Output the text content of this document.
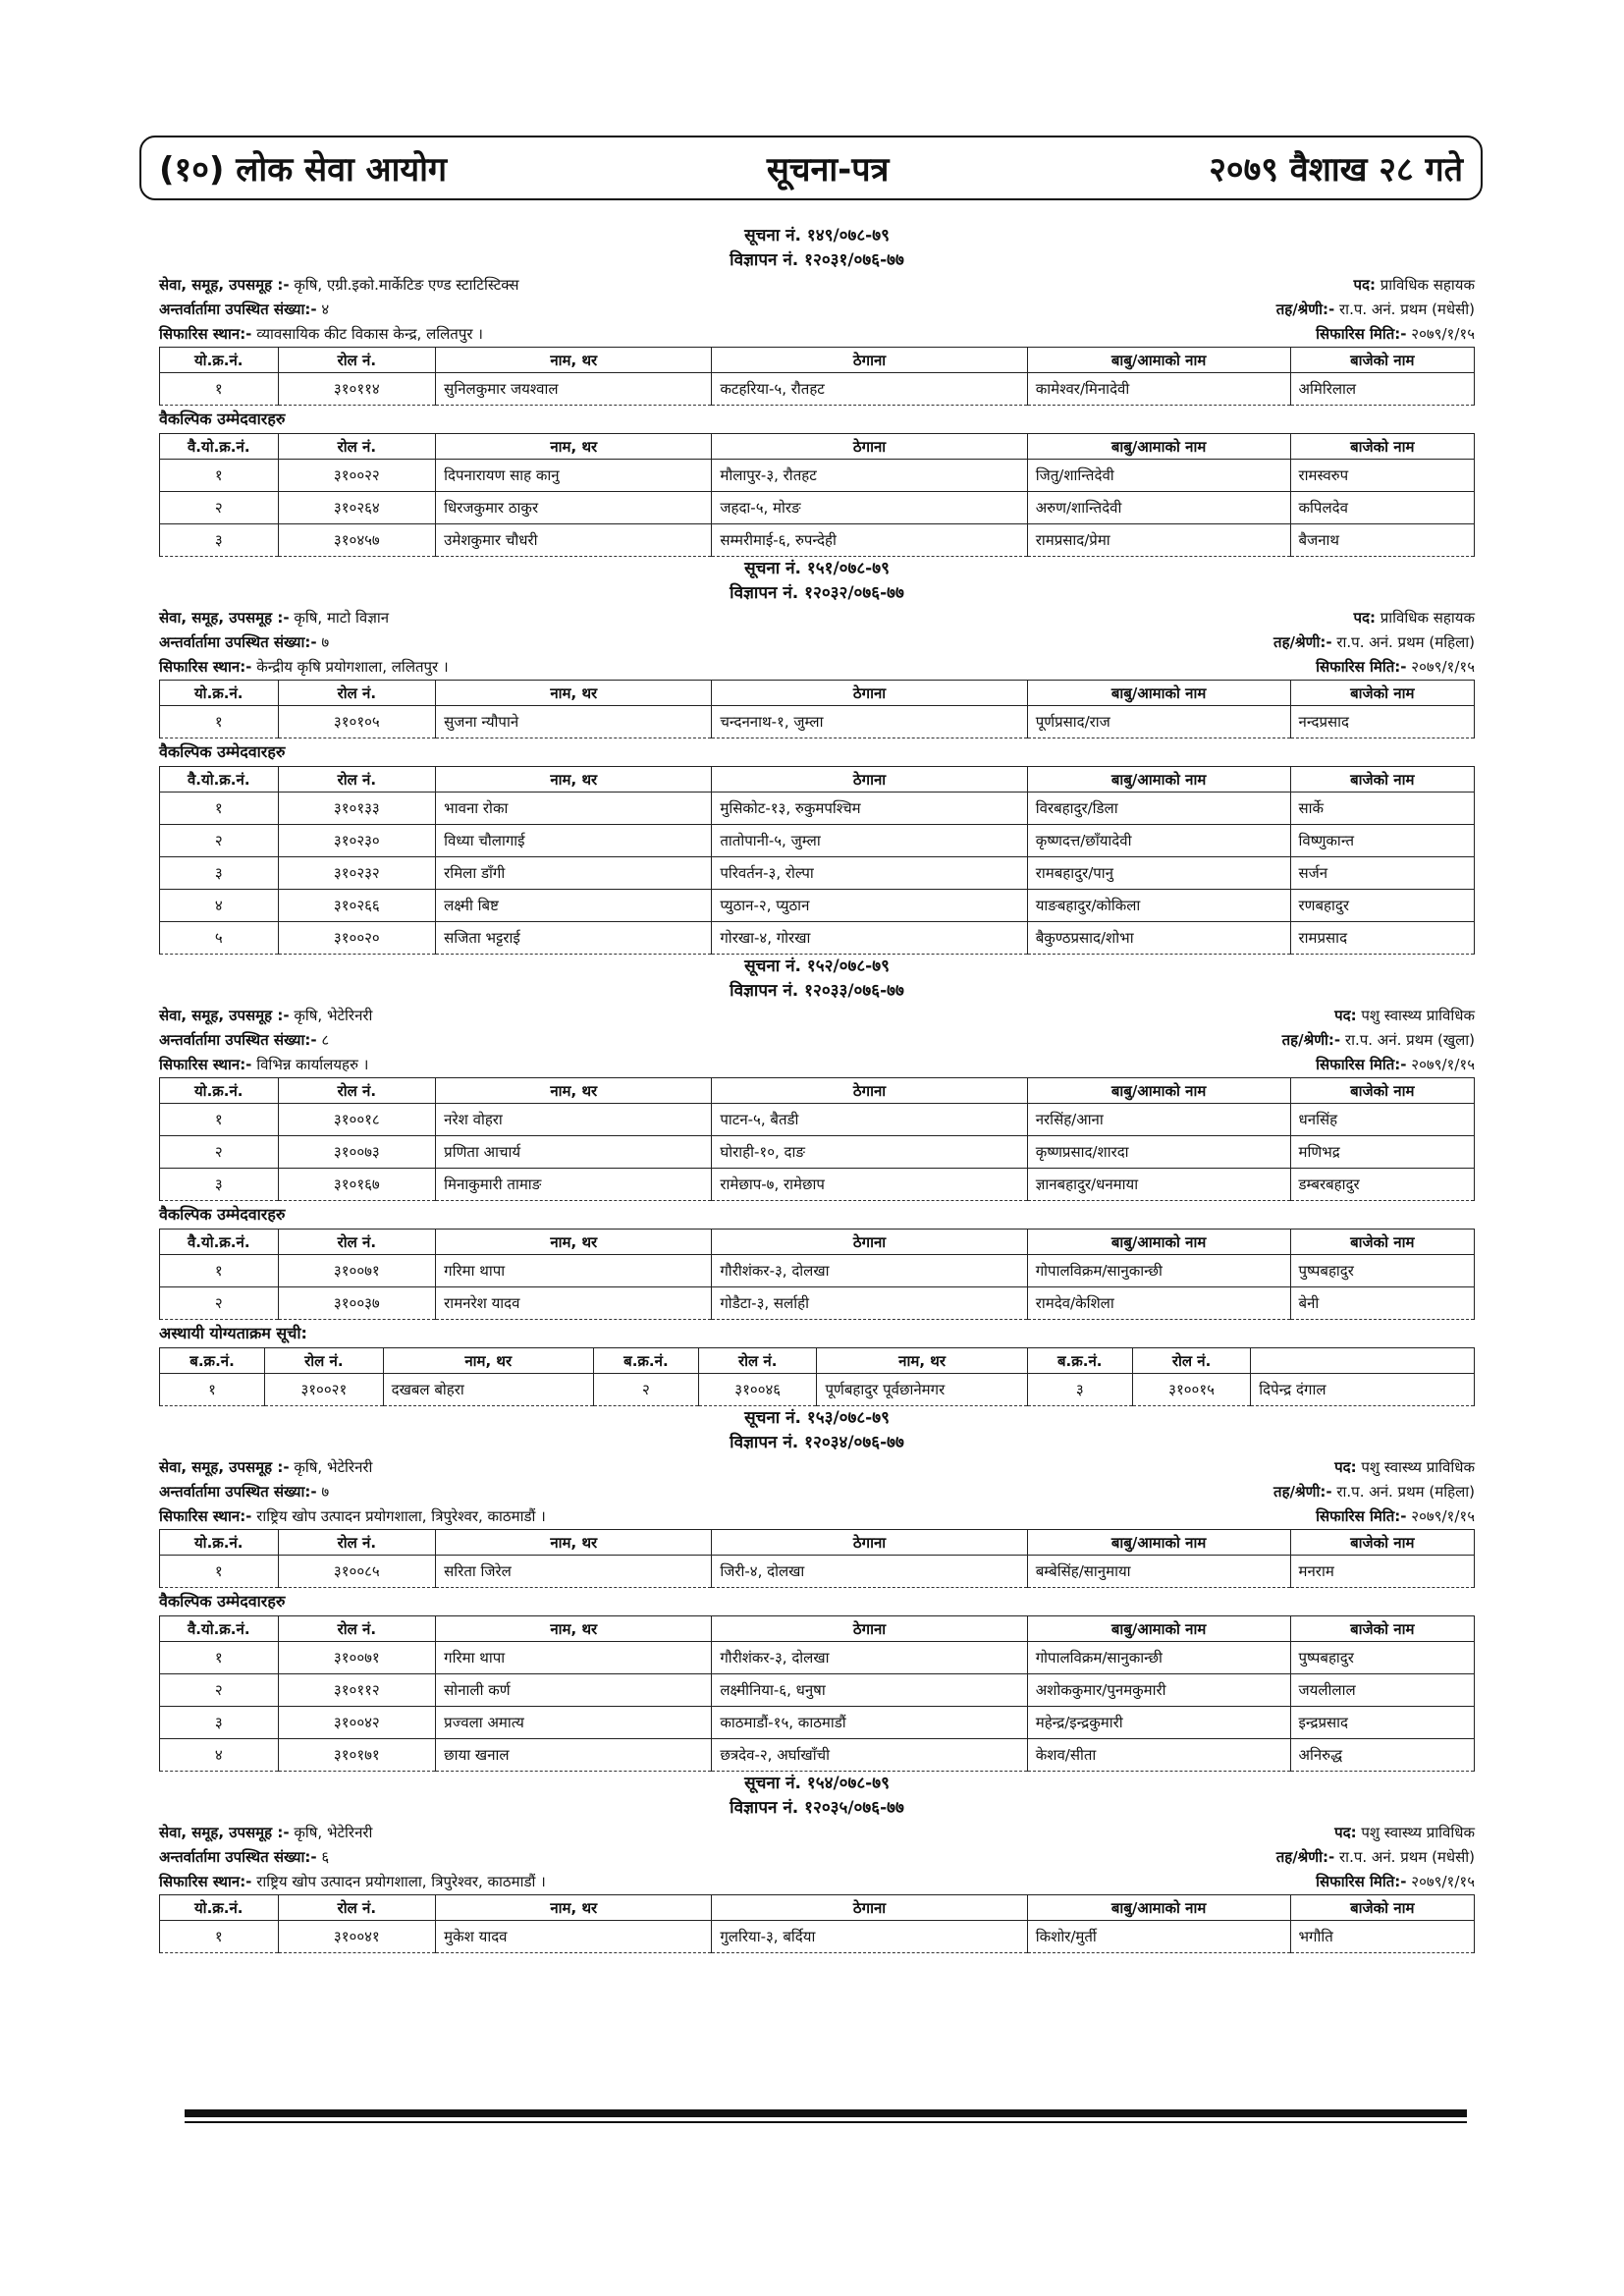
(१०) लोक सेवा आयोग	सूचना-पत्र	२०७९ वैशाख २८ गते
सूचना नं. १४९/०७८-७९
विज्ञापन नं. १२०३१/०७६-७७
सेवा, समूह, उपसमूह :- कृषि, एग्री.इको.मार्केटिङ एण्ड स्टाटिस्टिक्स	पद: प्राविधिक सहायक
अन्तर्वार्तामा उपस्थित संख्या:- ४	तह/श्रेणी:- रा.प. अनं. प्रथम (मधेसी)
सिफारिस स्थान:- व्यावसायिक कीट विकास केन्द्र, ललितपुर ।	सिफारिस मिति:- २०७९/१/१५
यो.क्र.नं.	रोल नं.	नाम, थर	ठेगाना	बाबु/आमाको नाम	बाजेको नाम
१	३१०११४	सुनिलकुमार जयश्वाल	कटहरिया-५, रौतहट	कामेश्वर/मिनादेवी	अमिरिलाल
वैकल्पिक उम्मेदवारहरु
वै.यो.क्र.नं.	रोल नं.	नाम, थर	ठेगाना	बाबु/आमाको नाम	बाजेको नाम
१	३१००२२	दिपनारायण साह कानु	मौलापुर-३, रौतहट	जितु/शान्तिदेवी	रामस्वरुप
२	३१०२६४	धिरजकुमार ठाकुर	जहदा-५, मोरङ	अरुण/शान्तिदेवी	कपिलदेव
३	३१०४५७	उमेशकुमार चौधरी	सम्मरीमाई-६, रुपन्देही	रामप्रसाद/प्रेमा	बैजनाथ
सूचना नं. १५१/०७८-७९
विज्ञापन नं. १२०३२/०७६-७७
सेवा, समूह, उपसमूह :- कृषि, माटो विज्ञान	पद: प्राविधिक सहायक
अन्तर्वार्तामा उपस्थित संख्या:- ७	तह/श्रेणी:- रा.प. अनं. प्रथम (महिला)
सिफारिस स्थान:- केन्द्रीय कृषि प्रयोगशाला, ललितपुर ।	सिफारिस मिति:- २०७९/१/१५
यो.क्र.नं.	रोल नं.	नाम, थर	ठेगाना	बाबु/आमाको नाम	बाजेको नाम
१	३१०१०५	सुजना न्यौपाने	चन्दननाथ-१, जुम्ला	पूर्णप्रसाद/राज	नन्दप्रसाद
वैकल्पिक उम्मेदवारहरु
वै.यो.क्र.नं.	रोल नं.	नाम, थर	ठेगाना	बाबु/आमाको नाम	बाजेको नाम
१	३१०१३३	भावना रोका	मुसिकोट-१३, रुकुमपश्चिम	विरबहादुर/डिला	सार्के
२	३१०२३०	विध्या चौलागाई	तातोपानी-५, जुम्ला	कृष्णदत्त/छाँयादेवी	विष्णुकान्त
३	३१०२३२	रमिला डाँगी	परिवर्तन-३, रोल्पा	रामबहादुर/पानु	सर्जन
४	३१०२६६	लक्ष्मी बिष्ट	प्युठान-२, प्युठान	याङबहादुर/कोकिला	रणबहादुर
५	३१००२०	सजिता भट्टराई	गोरखा-४, गोरखा	बैकुण्ठप्रसाद/शोभा	रामप्रसाद
सूचना नं. १५२/०७८-७९
विज्ञापन नं. १२०३३/०७६-७७
सेवा, समूह, उपसमूह :- कृषि, भेटेरिनरी	पद: पशु स्वास्थ्य प्राविधिक
अन्तर्वार्तामा उपस्थित संख्या:- ८	तह/श्रेणी:- रा.प. अनं. प्रथम (खुला)
सिफारिस स्थान:- विभिन्न कार्यालयहरु ।	सिफारिस मिति:- २०७९/१/१५
यो.क्र.नं.	रोल नं.	नाम, थर	ठेगाना	बाबु/आमाको नाम	बाजेको नाम
१	३१००१८	नरेश वोहरा	पाटन-५, बैतडी	नरसिंह/आना	धनसिंह
२	३१००७३	प्रणिता आचार्य	घोराही-१०, दाङ	कृष्णप्रसाद/शारदा	मणिभद्र
३	३१०१६७	मिनाकुमारी तामाङ	रामेछाप-७, रामेछाप	ज्ञानबहादुर/धनमाया	डम्बरबहादुर
वैकल्पिक उम्मेदवारहरु
वै.यो.क्र.नं.	रोल नं.	नाम, थर	ठेगाना	बाबु/आमाको नाम	बाजेको नाम
१	३१००७१	गरिमा थापा	गौरीशंकर-३, दोलखा	गोपालविक्रम/सानुकान्छी	पुष्पबहादुर
२	३१००३७	रामनरेश यादव	गोडैटा-३, सर्लाही	रामदेव/केशिला	बेनी
अस्थायी योग्यताक्रम सूची:
ब.क्र.नं.	रोल नं.	नाम, थर	ब.क्र.नं.	रोल नं.	नाम, थर	ब.क्र.नं.	रोल नं.	
१	३१००२१	दखबल बोहरा	२	३१००४६	पूर्णबहादुर पूर्वछानेमगर	३	३१००१५	दिपेन्द्र दंगाल
सूचना नं. १५३/०७८-७९
विज्ञापन नं. १२०३४/०७६-७७
सेवा, समूह, उपसमूह :- कृषि, भेटेरिनरी	पद: पशु स्वास्थ्य प्राविधिक
अन्तर्वार्तामा उपस्थित संख्या:- ७	तह/श्रेणी:- रा.प. अनं. प्रथम (महिला)
सिफारिस स्थान:- राष्ट्रिय खोप उत्पादन प्रयोगशाला, त्रिपुरेश्वर, काठमाडौं ।	सिफारिस मिति:- २०७९/१/१५
यो.क्र.नं.	रोल नं.	नाम, थर	ठेगाना	बाबु/आमाको नाम	बाजेको नाम
१	३१००८५	सरिता जिरेल	जिरी-४, दोलखा	बम्बेसिंह/सानुमाया	मनराम
वैकल्पिक उम्मेदवारहरु
वै.यो.क्र.नं.	रोल नं.	नाम, थर	ठेगाना	बाबु/आमाको नाम	बाजेको नाम
१	३१००७१	गरिमा थापा	गौरीशंकर-३, दोलखा	गोपालविक्रम/सानुकान्छी	पुष्पबहादुर
२	३१०११२	सोनाली कर्ण	लक्ष्मीनिया-६, धनुषा	अशोककुमार/पुनमकुमारी	जयलीलाल
३	३१००४२	प्रज्वला अमात्य	काठमाडौं-१५, काठमाडौं	महेन्द्र/इन्द्रकुमारी	इन्द्रप्रसाद
४	३१०१७१	छाया खनाल	छत्रदेव-२, अर्घाखाँची	केशव/सीता	अनिरुद्ध
सूचना नं. १५४/०७८-७९
विज्ञापन नं. १२०३५/०७६-७७
सेवा, समूह, उपसमूह :- कृषि, भेटेरिनरी	पद: पशु स्वास्थ्य प्राविधिक
अन्तर्वार्तामा उपस्थित संख्या:- ६	तह/श्रेणी:- रा.प. अनं. प्रथम (मधेसी)
सिफारिस स्थान:- राष्ट्रिय खोप उत्पादन प्रयोगशाला, त्रिपुरेश्वर, काठमाडौं ।	सिफारिस मिति:- २०७९/१/१५
यो.क्र.नं.	रोल नं.	नाम, थर	ठेगाना	बाबु/आमाको नाम	बाजेको नाम
१	३१००४१	मुकेश यादव	गुलरिया-३, बर्दिया	किशोर/मुर्ती	भगौति
